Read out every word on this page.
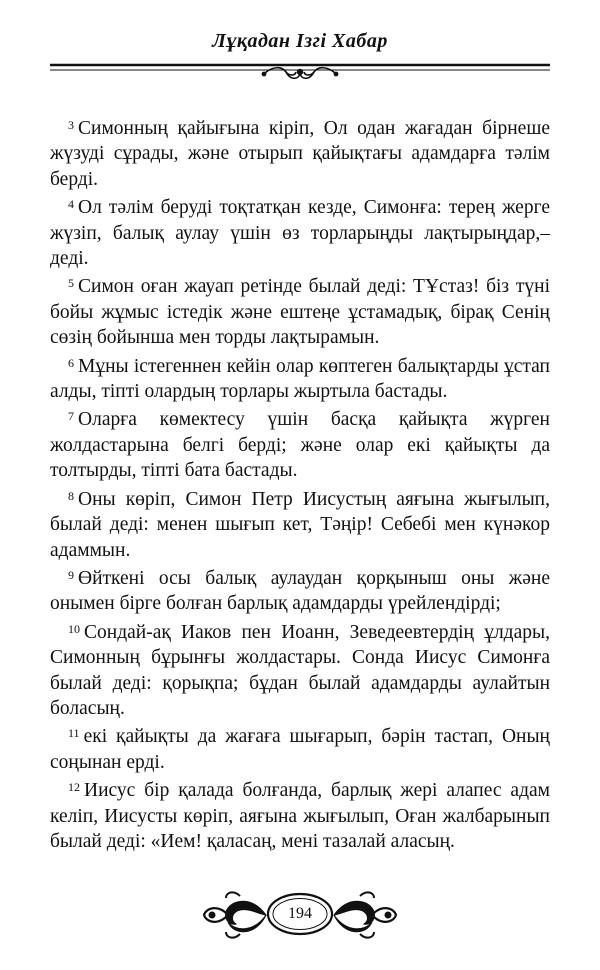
Лұқадан Ізгі Хабар

$^3$ Симонның қайығына кіріп, Ол одан жағадан бірнеше жүзуді сұрады, және отырып қайықтағы адамдарға тәлім берді.

$^4$ Ол тәлім беруді тоқтатқан кезде, Симонға: терең жерге жүзіп, балық аулау үшін өз торларыңды лақтырыңдар,– деді.

$^5$ Симон оған жауап ретінде былай деді: ТҰстаз! біз түні бойы жұмыс істедік және ештеңе ұстамадық, бірақ Сенің сөзің бойынша мен торды лақтырамын.

$^6$ Мұны істегеннен кейін олар көптеген балықтарды ұстап алды, тіпті олардың торлары жыртыла бастады.

$^7$ Оларға көмектесу үшін басқа қайықта жүрген жолдастарына белгі берді; және олар екі қайықты да толтырды, тіпті бата бастады.

$^8$ Оны көріп, Симон Петр Иисустың аяғына жығылып, былай деді: менен шығып кет, Тәңір! Себебі мен күнәкор адаммын.

$^9$ Өйткені осы балық аулаудан қорқыныш оны және онымен бірге болған барлық адамдарды үрейлендірді;

$^{10}$ Сондай-ақ Иаков пен Иоанн, Зеведеевтердің ұлдары, Симонның бұрынғы жолдастары. Сонда Иисус Симонға былай деді: қорықпа; бұдан былай адамдарды аулайтын боласың.

$^{11}$ екі қайықты да жағаға шығарып, бәрін тастап, Оның соңынан ерді.

$^{12}$ Иисус бір қалада болғанда, барлық жері алапес адам келіп, Иисусты көріп, аяғына жығылып, Оған жалбарынып былай деді: «Ием! қаласаң, мені тазалай аласың.

194
